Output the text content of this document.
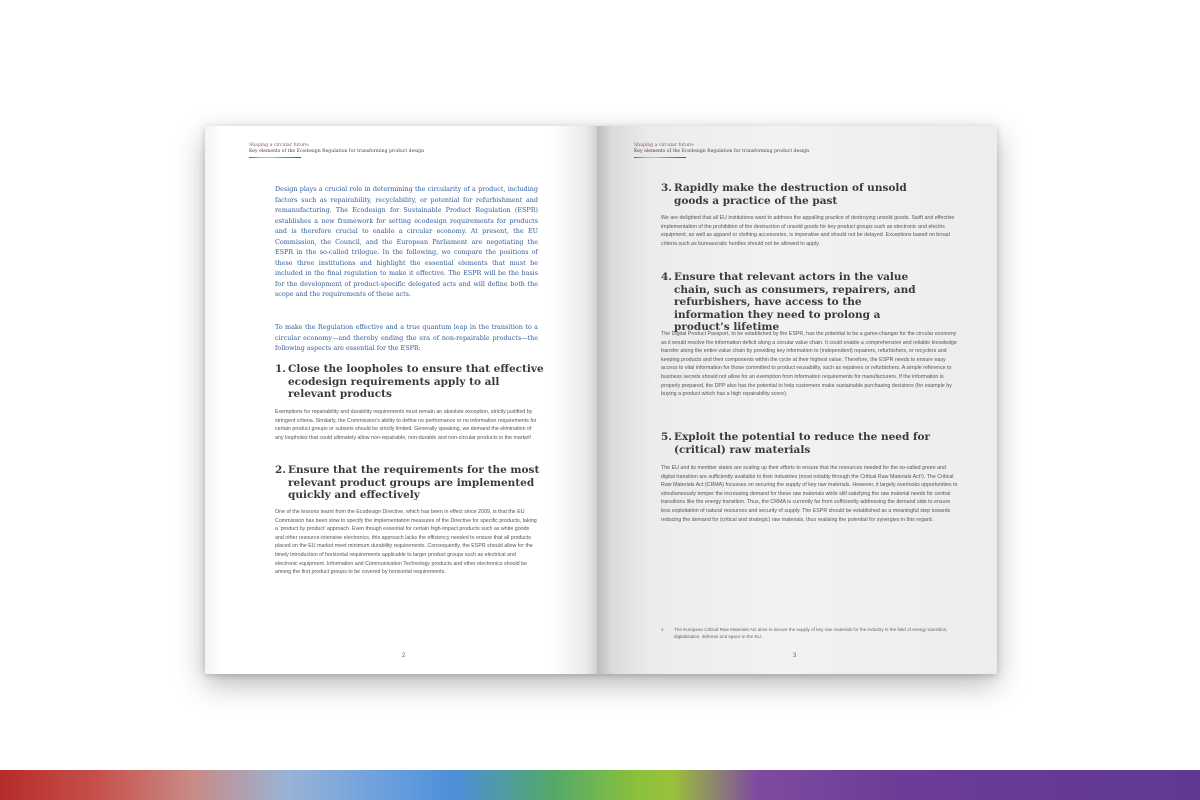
Shaping a circular future:
Key elements of the Ecodesign Regulation for transforming product design

Design plays a crucial role in determining the circularity of a product, including factors such as repairability, recyclability, or potential for refurbishment and remanufacturing. The Ecodesign for Sustainable Product Regulation (ESPR) establishes a new framework for setting ecodesign requirements for products and is therefore crucial to enable a circular economy. At present, the EU Commission, the Council, and the European Parliament are negotiating the ESPR in the so-called trilogue. In the following, we compare the positions of these three institutions and highlight the essential elements that must be included in the final regulation to make it effective. The ESPR will be the basis for the development of product-specific delegated acts and will define both the scope and the requirements of these acts.

To make the Regulation effective and a true quantum leap in the transition to a circular economy—and thereby ending the era of non-repairable products—the following aspects are essential for the ESPR:

1. Close the loopholes to ensure that effective ecodesign requirements apply to all relevant products

Exemptions for repairability and durability requirements must remain an absolute exception, strictly justified by stringent criteria. Similarly, the Commission’s ability to define no performance or no information requirements for certain product groups or subsets should be strictly limited. Generally speaking, we demand the elimination of any loopholes that could ultimately allow non-repairable, non-durable and non-circular products in the market!

2. Ensure that the requirements for the most relevant product groups are implemented quickly and effectively

One of the lessons learnt from the Ecodesign Directive, which has been in effect since 2009, is that the EU Commission has been slow to specify the implementation measures of the Directive for specific products, taking a ‘product by product’ approach. Even though essential for certain high-impact products such as white goods and other resource-intensive electronics, this approach lacks the efficiency needed to ensure that all products placed on the EU market meet minimum durability requirements. Consequently, the ESPR should allow for the timely introduction of horizontal requirements applicable to larger product groups such as electrical and electronic equipment. Information and Communication Technology products and other electronics should be among the first product groups to be covered by horizontal requirements.

2
Shaping a circular future:
Key elements of the Ecodesign Regulation for transforming product design
3. Rapidly make the destruction of unsold goods a practice of the past

We are delighted that all EU institutions want to address the appalling practice of destroying unsold goods. Swift and effective implementation of the prohibition of the destruction of unsold goods for key product groups such as electronic and electric equipment, as well as apparel or clothing accessories, is imperative and should not be delayed. Exceptions based on broad criteria such as bureaucratic hurdles should not be allowed to apply.

4. Ensure that relevant actors in the value chain, such as consumers, repairers, and refurbishers, have access to the information they need to prolong a product’s lifetime

The Digital Product Passport, to be established by the ESPR, has the potential to be a game-changer for the circular economy as it would resolve the information deficit along a circular value chain. It could enable a comprehensive and reliable knowledge transfer along the entire value chain by providing key information to (independent) repairers, refurbishers, or recyclers and keeping products and their components within the cycle at their highest value. Therefore, the ESPR needs to ensure easy access to vital information for those committed to product reusability, such as repairers or refurbishers. A simple reference to business secrets should not allow for an exemption from information requirements for manufacturers. If the information is properly prepared, the DPP also has the potential to help customers make sustainable purchasing decisions (for example by buying a product which has a high repairability score).

5. Exploit the potential to reduce the need for (critical) raw materials

The EU and its member states are scaling up their efforts to ensure that the resources needed for the so-called green and digital transition are sufficiently available to their industries (most notably through the Critical Raw Materials Act¹). The Critical Raw Materials Act (CRMA) focusses on securing the supply of key raw materials. However, it largely overlooks opportunities to simultaneously temper the increasing demand for these raw materials while still satisfying the raw material needs for central transitions like the energy transition. Thus, the CRMA is currently far from sufficiently addressing the demand side to ensure less exploitation of natural resources and security of supply. The ESPR should be established as a meaningful step towards reducing the demand for (critical and strategic) raw materials, thus realising the potential for synergies in this regard.

1 The European Critical Raw Materials Act aims to secure the supply of key raw materials for the industry in the field of energy transition, digitalization, defense and space in the EU.
3
